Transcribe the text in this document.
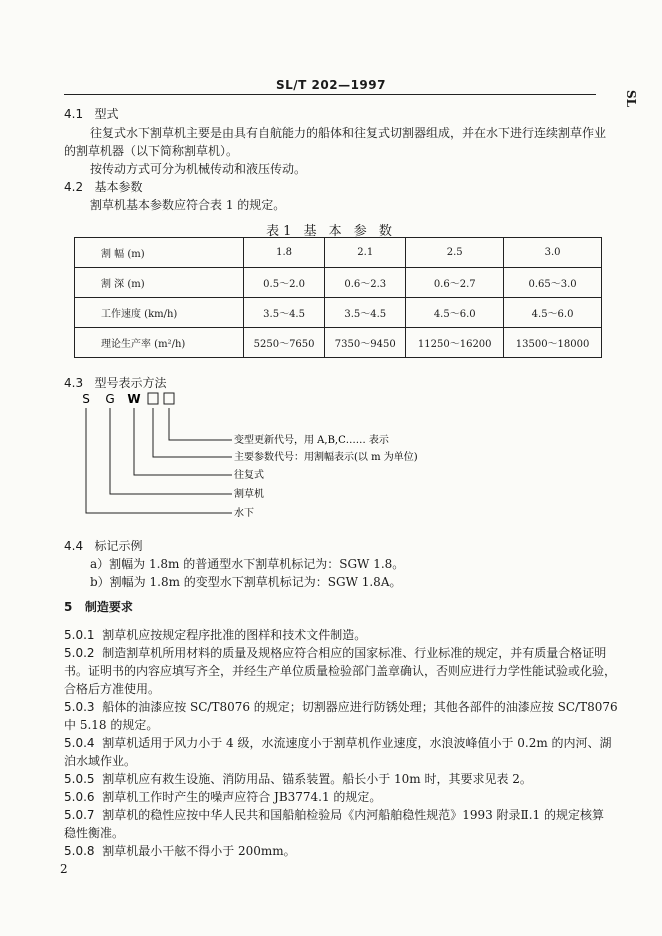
SL/T 202—1997
SL
4.1 型式
往复式水下割草机主要是由具有自航能力的船体和往复式切割器组成，并在水下进行连续割草作业
的割草机器（以下简称割草机）。
按传动方式可分为机械传动和液压传动。
4.2 基本参数
割草机基本参数应符合表 1 的规定。
表1 基 本 参 数
割 幅 (m)	1.8	2.1	2.5	3.0
割 深 (m)	0.5～2.0	0.6～2.3	0.6～2.7	0.65～3.0
工作速度 (km/h)	3.5～4.5	3.5～4.5	4.5～6.0	4.5～6.0
理论生产率 (m²/h)	5250～7650	7350～9450	11250～16200	13500～18000
4.3 型号表示方法
S G W
变型更新代号，用 A,B,C…… 表示
主要参数代号：用割幅表示(以 m 为单位)
往复式
割草机
水下
4.4 标记示例
a）割幅为 1.8m 的普通型水下割草机标记为：SGW 1.8。
b）割幅为 1.8m 的变型水下割草机标记为：SGW 1.8A。
5 制造要求
5.0.1 割草机应按规定程序批准的图样和技术文件制造。
5.0.2 制造割草机所用材料的质量及规格应符合相应的国家标准、行业标准的规定，并有质量合格证明
书。证明书的内容应填写齐全，并经生产单位质量检验部门盖章确认，否则应进行力学性能试验或化验，
合格后方准使用。
5.0.3 船体的油漆应按 SC/T8076 的规定；切割器应进行防锈处理；其他各部件的油漆应按 SC/T8076
中 5.18 的规定。
5.0.4 割草机适用于风力小于 4 级，水流速度小于割草机作业速度，水浪波峰值小于 0.2m 的内河、湖
泊水域作业。
5.0.5 割草机应有救生设施、消防用品、锚系装置。船长小于 10m 时，其要求见表 2。
5.0.6 割草机工作时产生的噪声应符合 JB3774.1 的规定。
5.0.7 割草机的稳性应按中华人民共和国船舶检验局《内河船舶稳性规范》1993 附录Ⅱ.1 的规定核算
稳性衡准。
5.0.8 割草机最小干舷不得小于 200mm。
2
